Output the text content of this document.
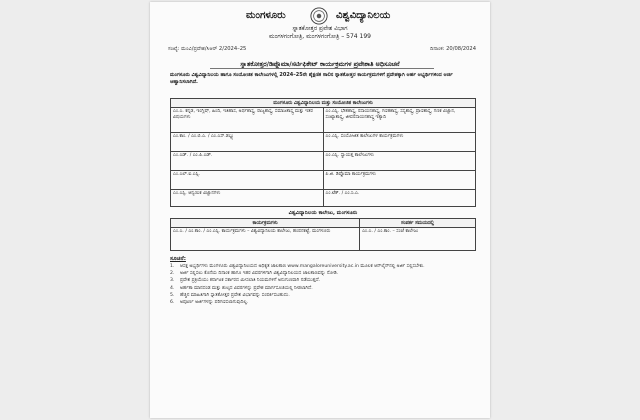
ಮಂಗಳೂರು	ವಿಶ್ವವಿದ್ಯಾನಿಲಯ
ಸ್ನಾತಕೋತ್ತರ ಪ್ರವೇಶ ವಿಭಾಗ
ಮಂಗಳಗಂಗೋತ್ರಿ, ಮಂಗಳಗಂಗೋತ್ರಿ – 574 199
ಸಂಖ್ಯೆ: ಮಂವಿ/ಪ್ರವೇಶ/ಸಿಆರ್ 2/2024–25	ದಿನಾಂಕ: 20/08/2024
ಸ್ನಾತಕೋತ್ತರ/ಡಿಪ್ಲೊಮಾ/ಸರ್ಟಿಫಿಕೇಟ್ ಕಾರ್ಯಕ್ರಮಗಳ ಪ್ರವೇಶಾತಿ ಅಧಿಸೂಚನೆ
ಮಂಗಳೂರು ವಿಶ್ವವಿದ್ಯಾನಿಲಯ ಹಾಗೂ ಸಂಯೋಜಿತ ಕಾಲೇಜುಗಳಲ್ಲಿ 2024–25ನೇ ಶೈಕ್ಷಣಿಕ ಸಾಲಿನ ಸ್ನಾತಕೋತ್ತರ ಕಾರ್ಯಕ್ರಮಗಳಿಗೆ ಪ್ರವೇಶಕ್ಕಾಗಿ ಅರ್ಹ ಅಭ್ಯರ್ಥಿಗಳಿಂದ ಅರ್ಜಿ ಆಹ್ವಾನಿಸಲಾಗಿದೆ.
ಮಂಗಳೂರು ವಿಶ್ವವಿದ್ಯಾನಿಲಯ ಮತ್ತು ಸಂಯೋಜಿತ ಕಾಲೇಜುಗಳು	

ಎಂ.ಎ. ಕನ್ನಡ, ಇಂಗ್ಲಿಷ್, ಹಿಂದಿ, ಇತಿಹಾಸ, ಅರ್ಥಶಾಸ್ತ್ರ, ರಾಜ್ಯಶಾಸ್ತ್ರ, ಸಮಾಜಶಾಸ್ತ್ರ ಮತ್ತು ಇತರ ವಿಷಯಗಳು	ಎಂ.ಎಸ್ಸಿ. ಭೌತಶಾಸ್ತ್ರ, ರಸಾಯನಶಾಸ್ತ್ರ, ಗಣಿತಶಾಸ್ತ್ರ, ಸಸ್ಯಶಾಸ್ತ್ರ, ಪ್ರಾಣಿಶಾಸ್ತ್ರ, ಗಣಕ ವಿಜ್ಞಾನ, ಸಂಖ್ಯಾಶಾಸ್ತ್ರ, ಜೀವರಸಾಯನಶಾಸ್ತ್ರ ಇತ್ಯಾದಿ

ಎಂ.ಕಾಂ. / ಎಂ.ಬಿ.ಎ. / ಎಂ.ಎಸ್.ಡಬ್ಲ್ಯು	ಎಂ.ಎಸ್ಸಿ. ಸಂಯೋಜಿತ ಕಾಲೇಜುಗಳ ಕಾರ್ಯಕ್ರಮಗಳು

ಎಂ.ಎಡ್. / ಎಂ.ಪಿ.ಎಡ್.	ಎಂ.ಎಸ್ಸಿ. ಸ್ವಾಯತ್ತ ಕಾಲೇಜುಗಳು

ಎಂ.ಎಲ್.ಐ.ಎಸ್ಸಿ.	ಪಿ.ಜಿ. ಡಿಪ್ಲೊಮಾ ಕಾರ್ಯಕ್ರಮಗಳು

ಎಂ.ಎಸ್ಸಿ. ಆನ್ವಯಿಕ ವಿಜ್ಞಾನಗಳು	ಎಂ.ಟೆಕ್. / ಎಂ.ಸಿ.ಎ.
ವಿಶ್ವವಿದ್ಯಾನಿಲಯ ಕಾಲೇಜು, ಮಂಗಳೂರು
ಕಾರ್ಯಕ್ರಮಗಳು	ಸಂಪರ್ಕ ಸಮಯದಲ್ಲಿ

ಎಂ.ಎ. / ಎಂ.ಕಾಂ. / ಎಂ.ಎಸ್ಸಿ. ಕಾರ್ಯಕ್ರಮಗಳು – ವಿಶ್ವವಿದ್ಯಾನಿಲಯ ಕಾಲೇಜು, ಹಂಪನಕಟ್ಟೆ, ಮಂಗಳೂರು	ಎಂ.ಎ. / ಎಂ.ಕಾಂ. – ಸಂಜೆ ಕಾಲೇಜು
ಸೂಚನೆ:
1.	ಆಸಕ್ತ ಅಭ್ಯರ್ಥಿಗಳು ಮಂಗಳೂರು ವಿಶ್ವವಿದ್ಯಾನಿಲಯದ ಅಧಿಕೃತ ಜಾಲತಾಣ www.mangaloreuniversity.ac.in ಮೂಲಕ ಆನ್‌ಲೈನ್‌ನಲ್ಲಿ ಅರ್ಜಿ ಸಲ್ಲಿಸಬೇಕು.
2.	ಅರ್ಜಿ ಸಲ್ಲಿಸಲು ಕೊನೆಯ ದಿನಾಂಕ ಹಾಗೂ ಇತರ ವಿವರಗಳಿಗಾಗಿ ವಿಶ್ವವಿದ್ಯಾನಿಲಯದ ಜಾಲತಾಣವನ್ನು ನೋಡಿ.
3.	ಪ್ರವೇಶ ಪ್ರಕ್ರಿಯೆಯು ಕರ್ನಾಟಕ ಸರ್ಕಾರದ ಮೀಸಲಾತಿ ನಿಯಮಗಳಿಗೆ ಅನುಗುಣವಾಗಿ ನಡೆಯುತ್ತದೆ.
4.	ಅರ್ಹತಾ ಮಾನದಂಡ ಮತ್ತು ಶುಲ್ಕದ ವಿವರಗಳನ್ನು ಪ್ರವೇಶ ಮಾರ್ಗಸೂಚಿಯಲ್ಲಿ ನೀಡಲಾಗಿದೆ.
5.	ಹೆಚ್ಚಿನ ಮಾಹಿತಿಗಾಗಿ ಸ್ನಾತಕೋತ್ತರ ಪ್ರವೇಶ ವಿಭಾಗವನ್ನು ಸಂಪರ್ಕಿಸಬಹುದು.
6.	ಅಪೂರ್ಣ ಅರ್ಜಿಗಳನ್ನು ಪರಿಗಣಿಸಲಾಗುವುದಿಲ್ಲ.
